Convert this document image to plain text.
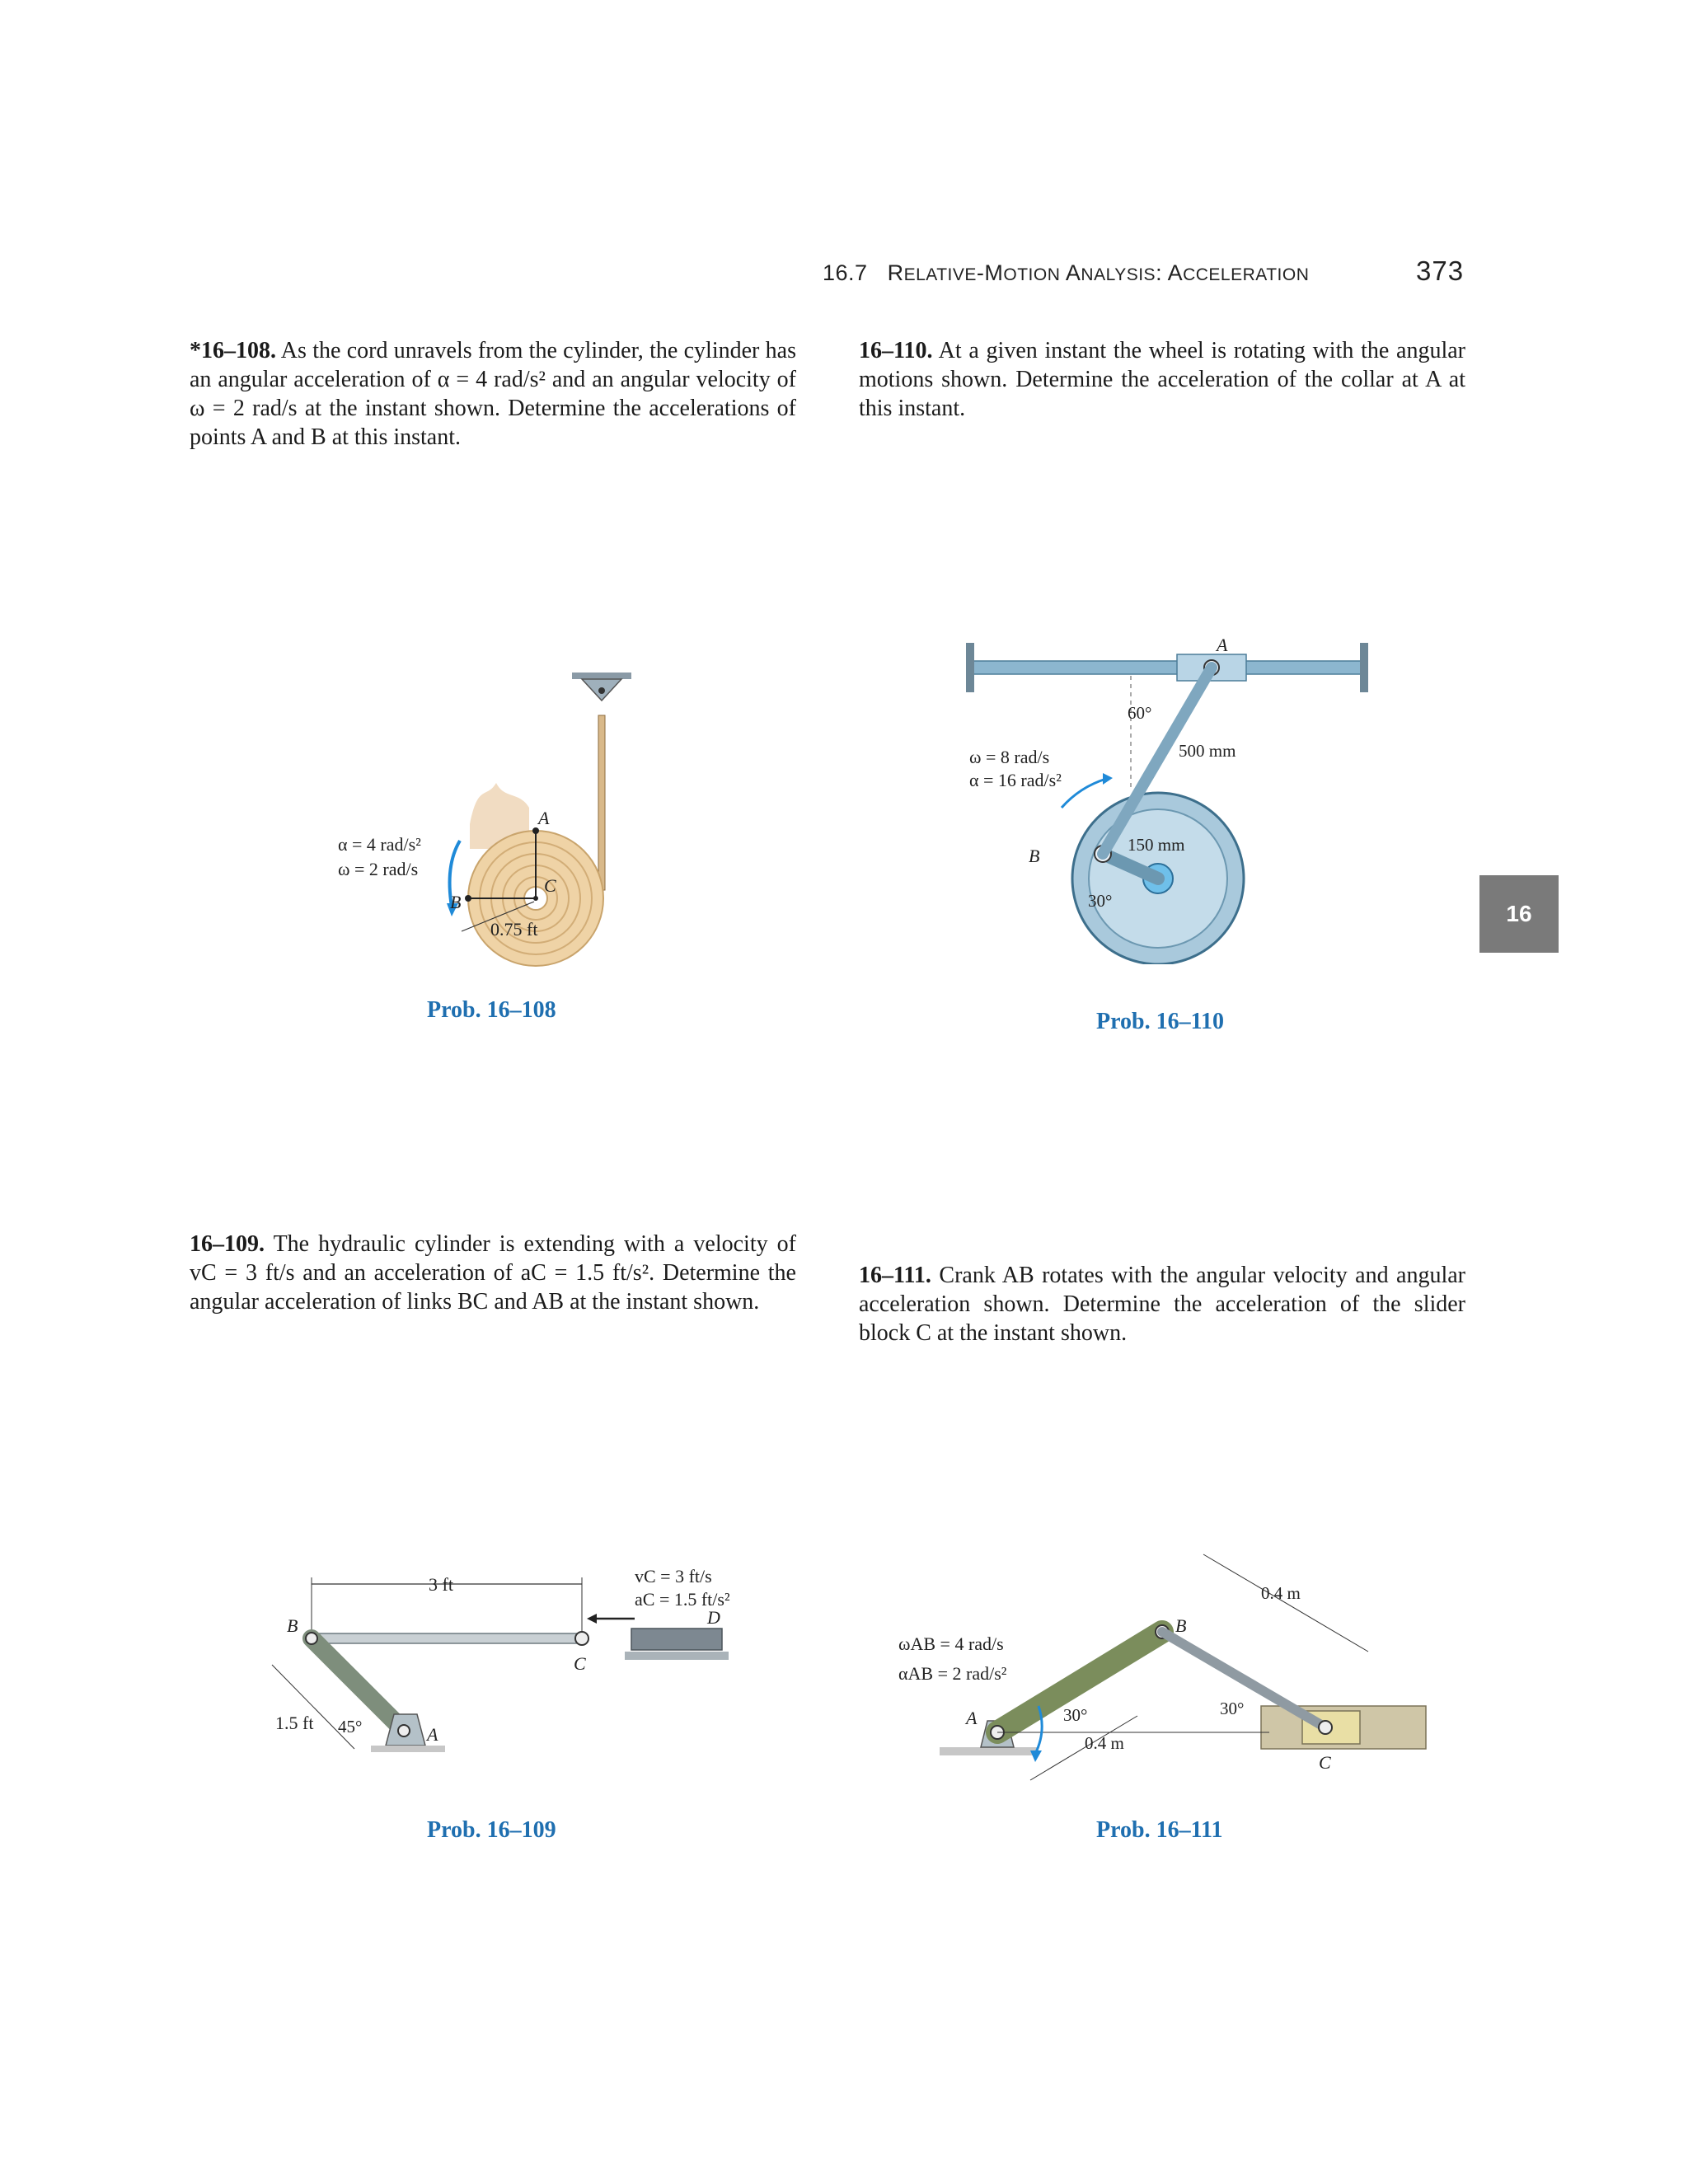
16.7 RELATIVE-MOTION ANALYSIS: ACCELERATION	373
16
*16–108. As the cord unravels from the cylinder, the cylinder has an angular acceleration of α = 4 rad/s² and an angular velocity of ω = 2 rad/s at the instant shown. Determine the accelerations of points A and B at this instant.
16–110. At a given instant the wheel is rotating with the angular motions shown. Determine the acceleration of the collar at A at this instant.
16–109. The hydraulic cylinder is extending with a velocity of vC = 3 ft/s and an acceleration of aC = 1.5 ft/s². Determine the angular acceleration of links BC and AB at the instant shown.
16–111. Crank AB rotates with the angular velocity and angular acceleration shown. Determine the acceleration of the slider block C at the instant shown.
0.75 ft
A
B
C
α = 4 rad/s²
ω = 2 rad/s
Prob. 16–108
A
60°
500 mm
ω = 8 rad/s
α = 16 rad/s²
B
150 mm
30°
Prob. 16–110
3 ft	vC = 3 ft/s
aC = 1.5 ft/s²
B
C
D
A
1.5 ft 45°
Prob. 16–109
ωAB = 4 rad/s
αAB = 2 rad/s²
A
B
C
0.4 m
0.4 m
30°	30°
Prob. 16–111
